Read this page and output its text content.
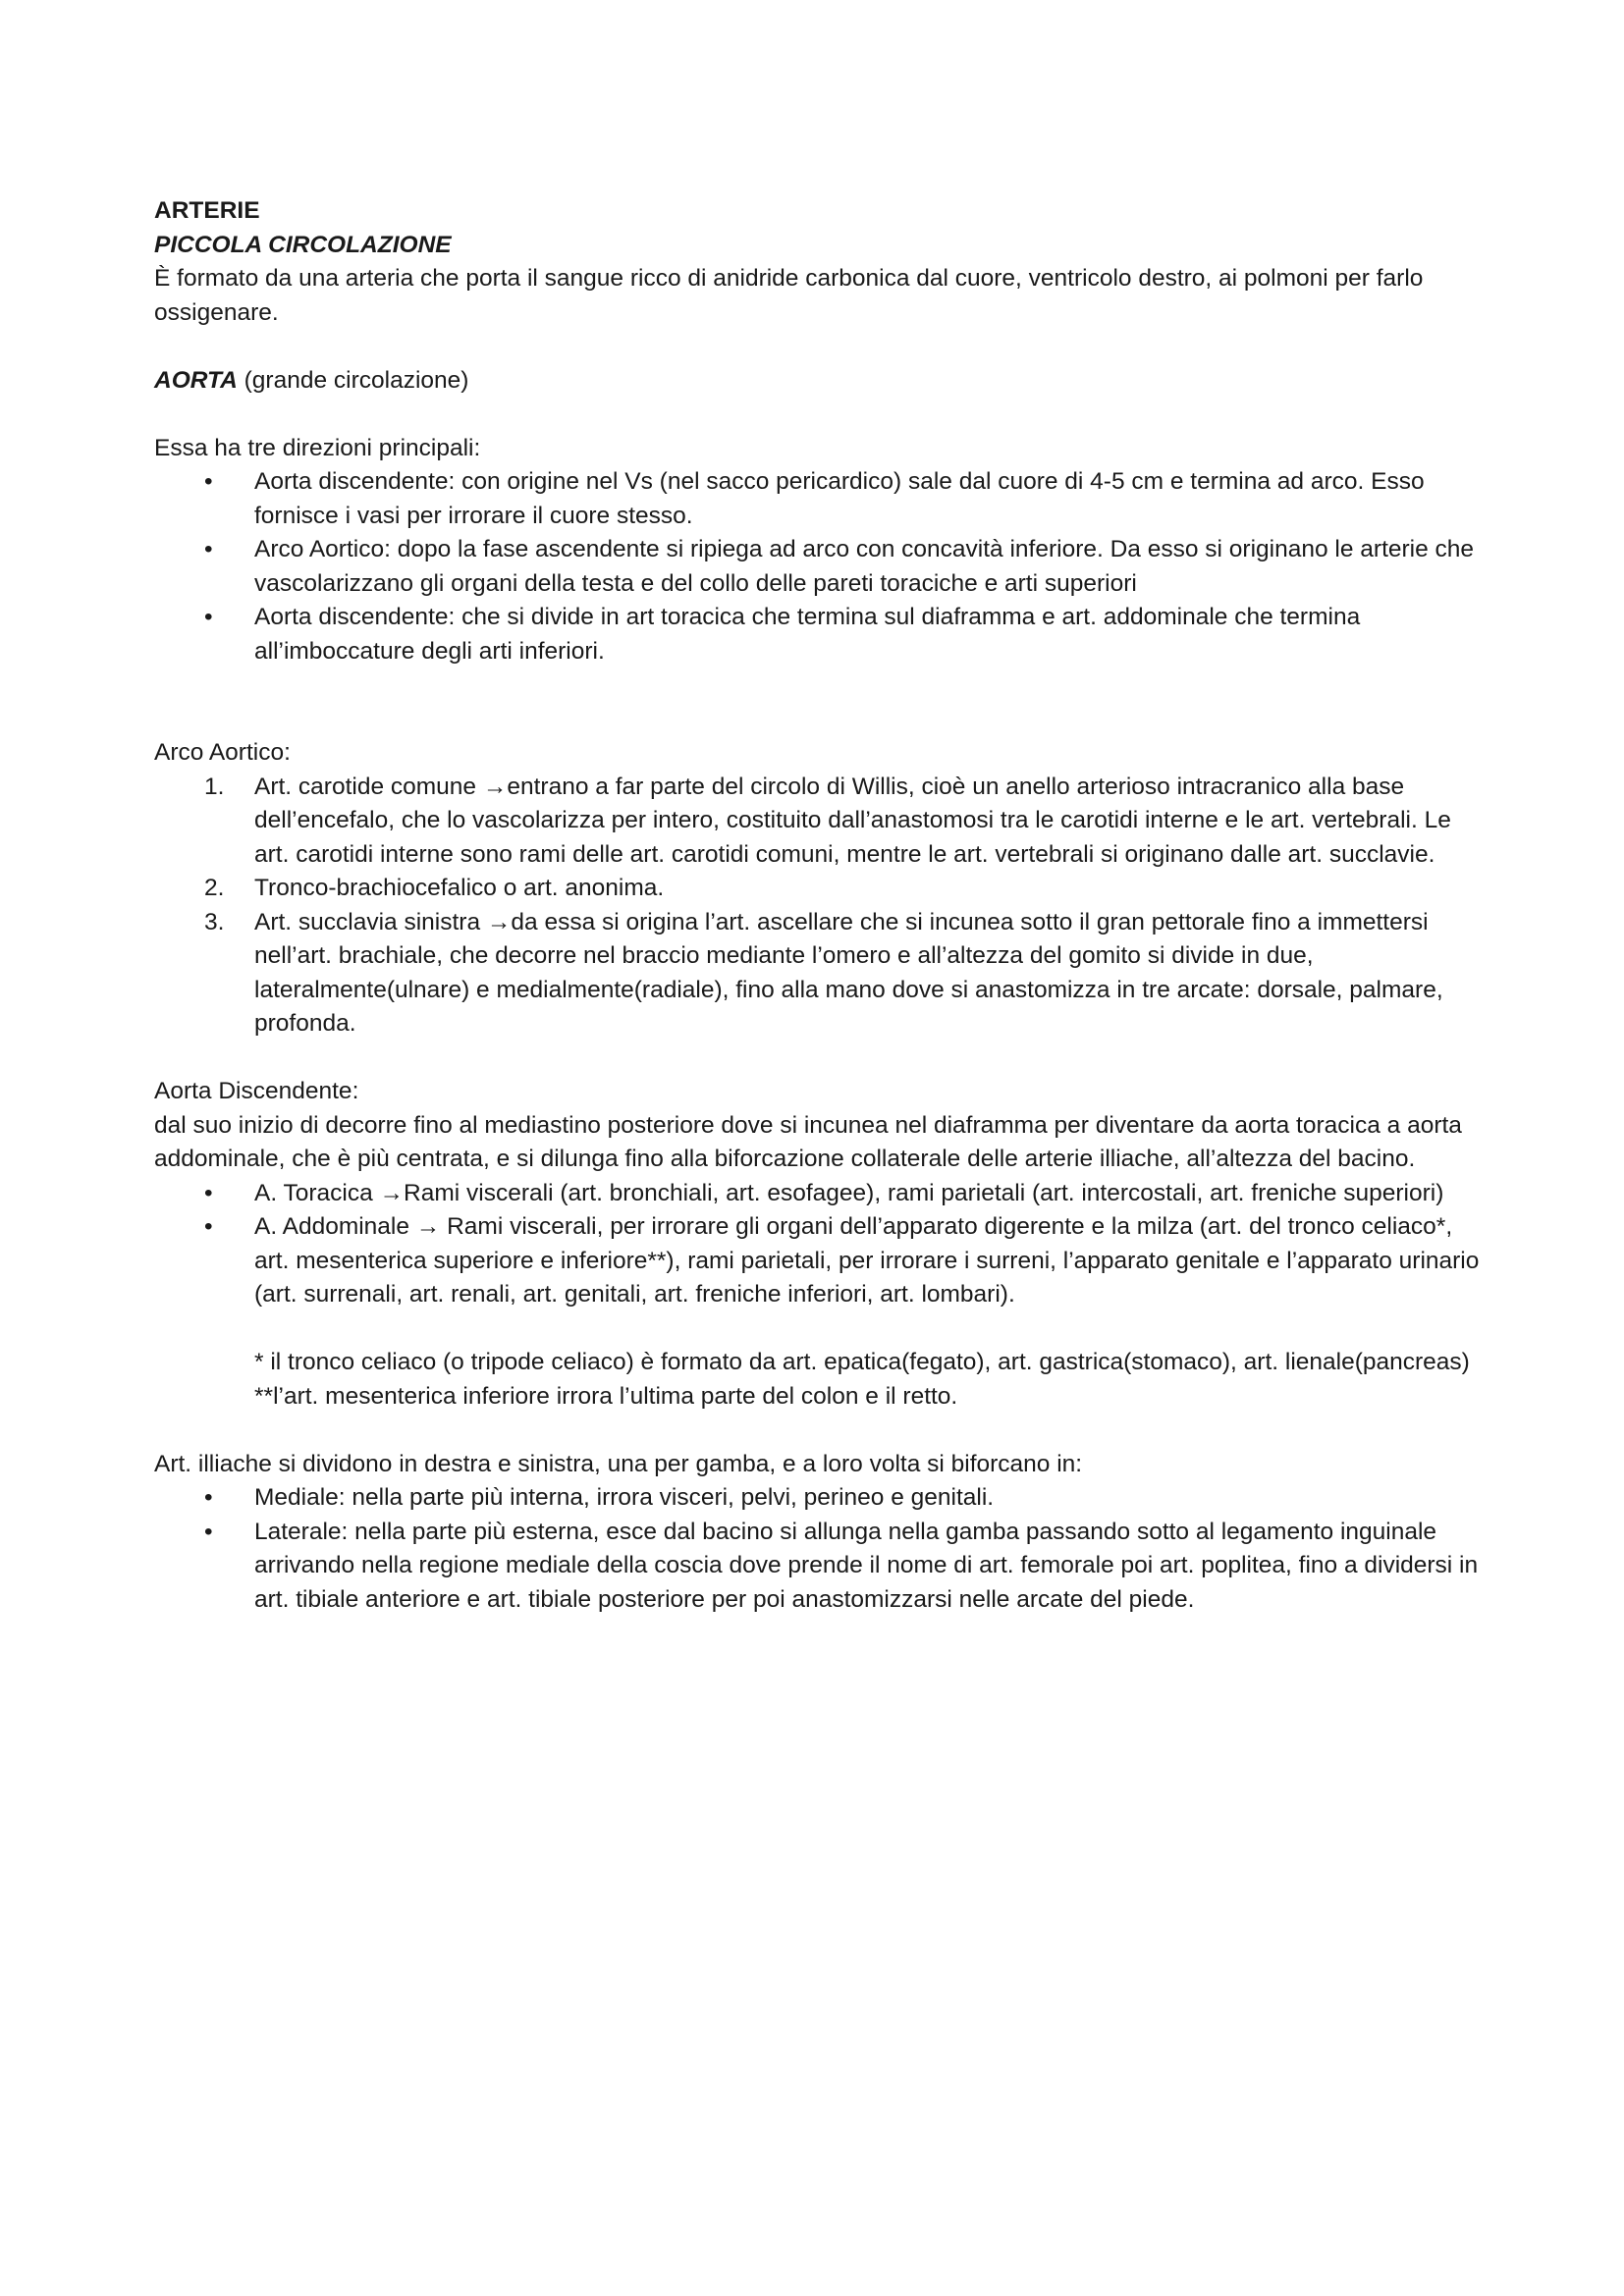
ARTERIE

PICCOLA CIRCOLAZIONE

È formato da una arteria che porta il sangue ricco di anidride carbonica dal cuore, ventricolo destro, ai polmoni per farlo ossigenare.

AORTA (grande circolazione)

Essa ha tre direzioni principali:

• Aorta discendente: con origine nel Vs (nel sacco pericardico) sale dal cuore di 4-5 cm e termina ad arco. Esso fornisce i vasi per irrorare il cuore stesso.
• Arco Aortico: dopo la fase ascendente si ripiega ad arco con concavità inferiore. Da esso si originano le arterie che vascolarizzano gli organi della testa e del collo delle pareti toraciche e arti superiori
• Aorta discendente: che si divide in art toracica che termina sul diaframma e art. addominale che termina all’imboccature degli arti inferiori.

Arco Aortico:

1. Art. carotide comune →entrano a far parte del circolo di Willis, cioè un anello arterioso intracranico alla base dell’encefalo, che lo vascolarizza per intero, costituito dall’anastomosi tra le carotidi interne e le art. vertebrali. Le art. carotidi interne sono rami delle art. carotidi comuni, mentre le art. vertebrali si originano dalle art. succlavie.
2. Tronco-brachiocefalico o art. anonima.
3. Art. succlavia sinistra →da essa si origina l’art. ascellare che si incunea sotto il gran pettorale fino a immettersi nell’art. brachiale, che decorre nel braccio mediante l’omero e all’altezza del gomito si divide in due, lateralmente(ulnare) e medialmente(radiale), fino alla mano dove si anastomizza in tre arcate: dorsale, palmare, profonda.

Aorta Discendente:

dal suo inizio di decorre fino al mediastino posteriore dove si incunea nel diaframma per diventare da aorta toracica a aorta addominale, che è più centrata, e si dilunga fino alla biforcazione collaterale delle arterie illiache, all’altezza del bacino.

• A. Toracica →Rami viscerali (art. bronchiali, art. esofagee), rami parietali (art. intercostali, art. freniche superiori)
• A. Addominale → Rami viscerali, per irrorare gli organi dell’apparato digerente e la milza (art. del tronco celiaco*, art. mesenterica superiore e inferiore**), rami parietali, per irrorare i surreni, l’apparato genitale e l’apparato urinario (art. surrenali, art. renali, art. genitali, art. freniche inferiori, art. lombari).

* il tronco celiaco (o tripode celiaco) è formato da art. epatica(fegato), art. gastrica(stomaco), art. lienale(pancreas)

**l’art. mesenterica inferiore irrora l’ultima parte del colon e il retto.

Art. illiache si dividono in destra e sinistra, una per gamba, e a loro volta si biforcano in:

• Mediale: nella parte più interna, irrora visceri, pelvi, perineo e genitali.
• Laterale: nella parte più esterna, esce dal bacino si allunga nella gamba passando sotto al legamento inguinale arrivando nella regione mediale della coscia dove prende il nome di art. femorale poi art. poplitea, fino a dividersi in art. tibiale anteriore e art. tibiale posteriore per poi anastomizzarsi nelle arcate del piede.
